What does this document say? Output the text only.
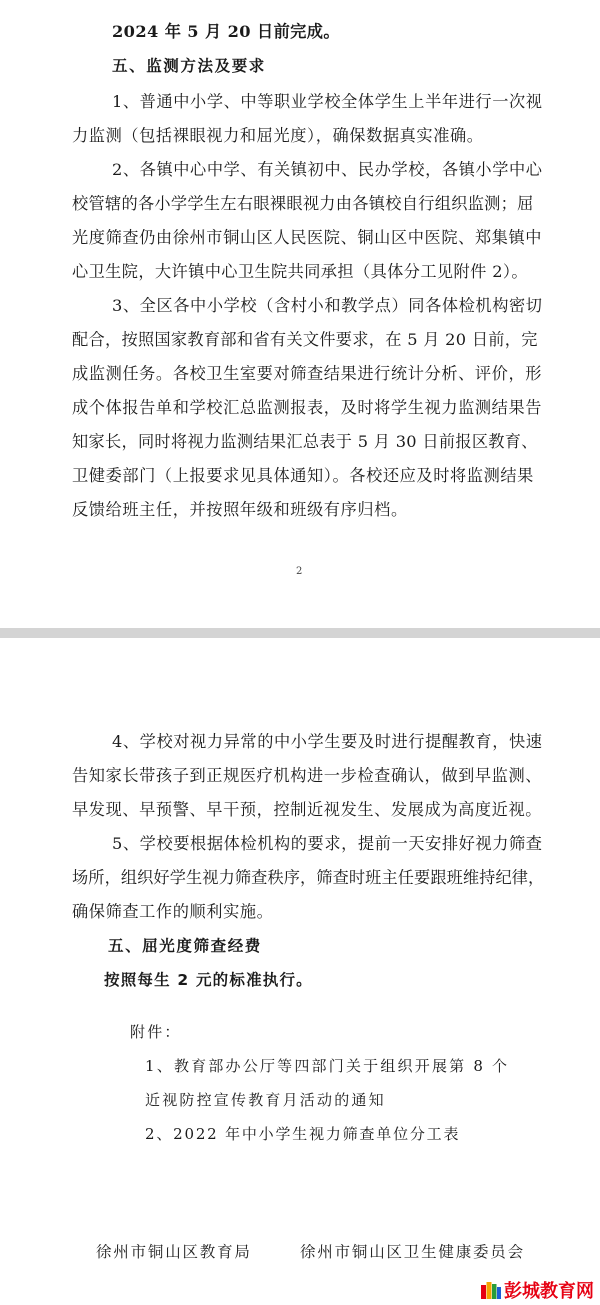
2024 年 5 月 20 日前完成。
五、监测方法及要求
1、普通中小学、中等职业学校全体学生上半年进行一次视
力监测（包括裸眼视力和屈光度），确保数据真实准确。
2、各镇中心中学、有关镇初中、民办学校，各镇小学中心
校管辖的各小学学生左右眼裸眼视力由各镇校自行组织监测；屈
光度筛查仍由徐州市铜山区人民医院、铜山区中医院、郑集镇中
心卫生院，大许镇中心卫生院共同承担（具体分工见附件 2）。
3、全区各中小学校（含村小和教学点）同各体检机构密切
配合，按照国家教育部和省有关文件要求，在 5 月 20 日前，完
成监测任务。各校卫生室要对筛查结果进行统计分析、评价，形
成个体报告单和学校汇总监测报表，及时将学生视力监测结果告
知家长，同时将视力监测结果汇总表于 5 月 30 日前报区教育、
卫健委部门（上报要求见具体通知）。各校还应及时将监测结果
反馈给班主任，并按照年级和班级有序归档。
2
4、学校对视力异常的中小学生要及时进行提醒教育，快速
告知家长带孩子到正规医疗机构进一步检查确认，做到早监测、
早发现、早预警、早干预，控制近视发生、发展成为高度近视。
5、学校要根据体检机构的要求，提前一天安排好视力筛查
场所，组织好学生视力筛查秩序，筛查时班主任要跟班维持纪律，
确保筛查工作的顺利实施。
五、屈光度筛查经费
按照每生 2 元的标准执行。
附件：
1、教育部办公厅等四部门关于组织开展第 8 个
近视防控宣传教育月活动的通知
2、2022 年中小学生视力筛查单位分工表
徐州市铜山区教育局	徐州市铜山区卫生健康委员会
彭城教育网
